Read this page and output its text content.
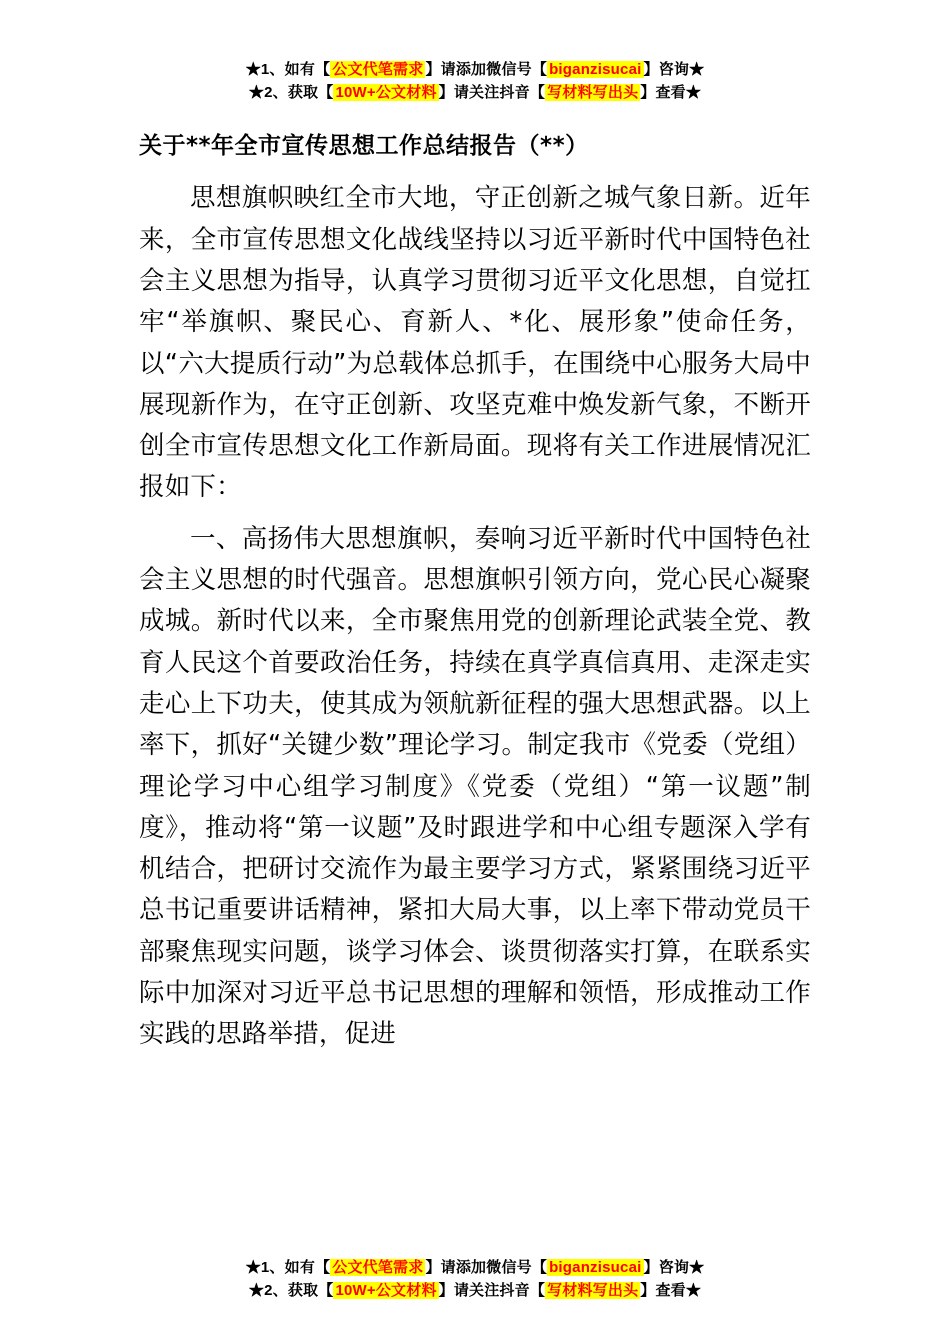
★1、如有【 公文代笔需求 】请添加微信号【 biganzisucai 】咨询★
★2、获取【 10W+公文材料 】请关注抖音【 写材料写出头 】查看★
关于**年全市宣传思想工作总结报告（**）

思想旗帜映红全市大地，守正创新之城气象日新。近年来，全市宣传思想文化战线坚持以习近平新时代中国特色社会主义思想为指导，认真学习贯彻习近平文化思想，自觉扛牢“举旗帜、聚民心、育新人、*化、展形象”使命任务，以“六大提质行动”为总载体总抓手，在围绕中心服务大局中展现新作为，在守正创新、攻坚克难中焕发新气象，不断开创全市宣传思想文化工作新局面。现将有关工作进展情况汇报如下：

一、高扬伟大思想旗帜，奏响习近平新时代中国特色社会主义思想的时代强音。思想旗帜引领方向，党心民心凝聚成城。新时代以来，全市聚焦用党的创新理论武装全党、教育人民这个首要政治任务，持续在真学真信真用、走深走实走心上下功夫，使其成为领航新征程的强大思想武器。以上率下，抓好“关键少数”理论学习。制定我市《党委（党组）理论学习中心组学习制度》《党委（党组）“第一议题”制度》，推动将“第一议题”及时跟进学和中心组专题深入学有机结合，把研讨交流作为最主要学习方式，紧紧围绕习近平总书记重要讲话精神，紧扣大局大事，以上率下带动党员干部聚焦现实问题，谈学习体会、谈贯彻落实打算，在联系实际中加深对习近平总书记思想的理解和领悟，形成推动工作实践的思路举措，促进

★1、如有【 公文代笔需求 】请添加微信号【 biganzisucai 】咨询★
★2、获取【 10W+公文材料 】请关注抖音【 写材料写出头 】查看★
